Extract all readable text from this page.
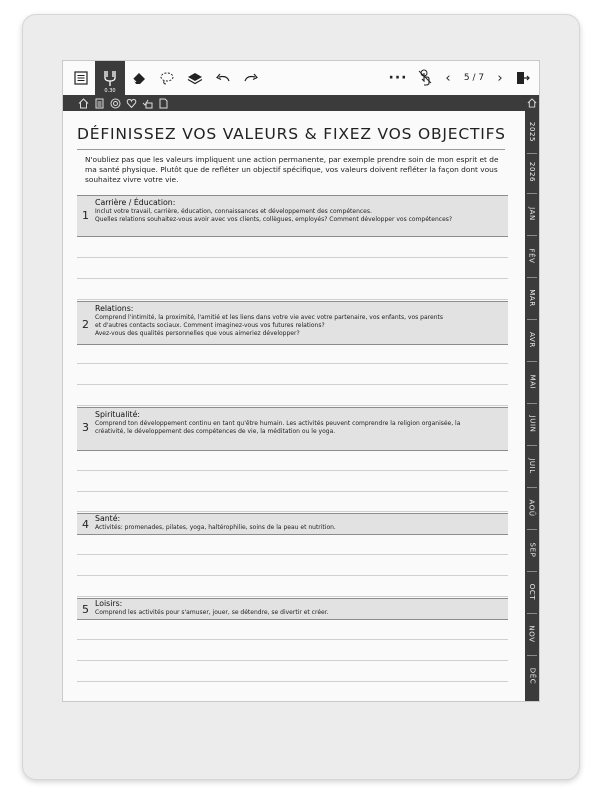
0.30
···	‹	5 / 7	›
2025
2026
JAN
FÉV
MAR
AVR
MAI
JUIN
JUIL
AOÛ
SEP
OCT
NOV
DÉC
DÉFINISSEZ VOS VALEURS & FIXEZ VOS OBJECTIFS
N'oubliez pas que les valeurs impliquent une action permanente, par exemple prendre soin de mon esprit et de ma santé physique. Plutôt que de refléter un objectif spécifique, vos valeurs doivent refléter la façon dont vous souhaitez vivre votre vie.
1
Carrière / Éducation:
Inclut votre travail, carrière, éducation, connaissances et développement des compétences.
Quelles relations souhaitez-vous avoir avec vos clients, collègues, employés? Comment développer vos compétences?
2
Relations:
Comprend l'intimité, la proximité, l'amitié et les liens dans votre vie avec votre partenaire, vos enfants, vos parents
et d'autres contacts sociaux. Comment imaginez-vous vos futures relations?
Avez-vous des qualités personnelles que vous aimeriez développer?
3
Spiritualité:
Comprend ton développement continu en tant qu'être humain. Les activités peuvent comprendre la religion organisée, la
créativité, le développement des compétences de vie, la méditation ou le yoga.
4 Santé:
Activités: promenades, pilates, yoga, haltérophilie, soins de la peau et nutrition.
5 Loisirs:
Comprend les activités pour s'amuser, jouer, se détendre, se divertir et créer.
